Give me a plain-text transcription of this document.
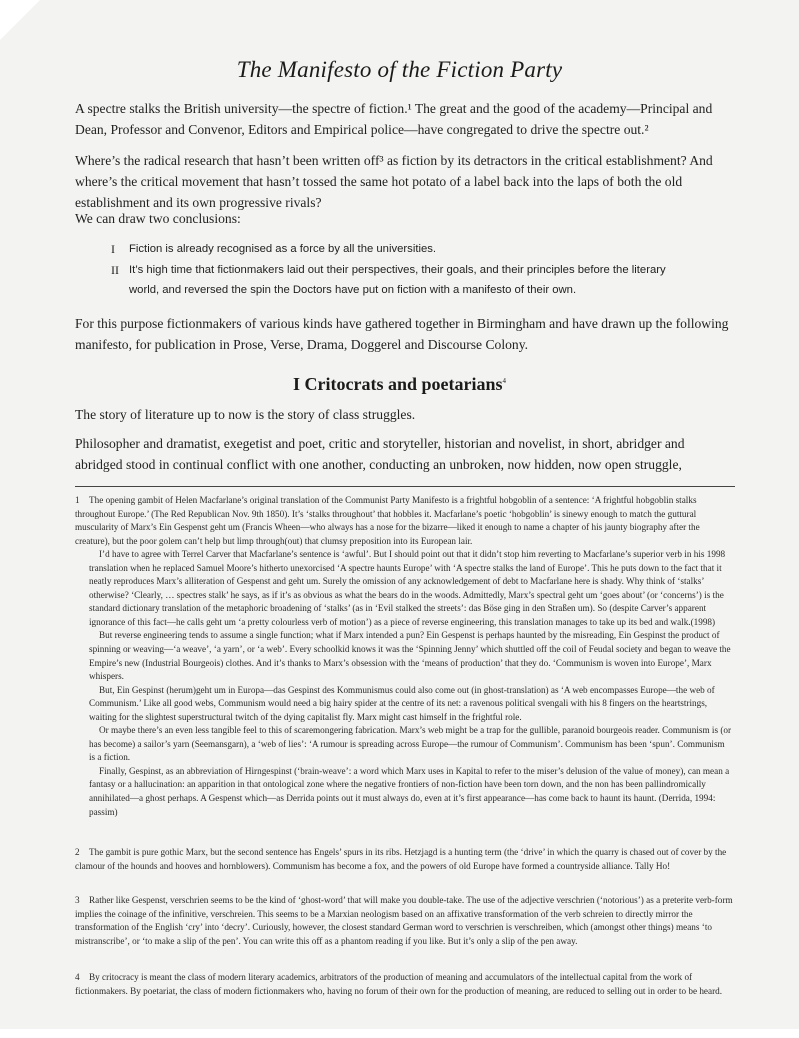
The Manifesto of the Fiction Party

A spectre stalks the British university—the spectre of fiction.¹ The great and the good of the academy—Principal and Dean, Professor and Convenor, Editors and Empirical police—have congregated to drive the spectre out.²

Where’s the radical research that hasn’t been written off³ as fiction by its detractors in the critical establishment? And where’s the critical movement that hasn’t tossed the same hot potato of a label back into the laps of both the old establishment and its own progressive rivals?

We can draw two conclusions:

I	Fiction is already recognised as a force by all the universities.
II It’s high time that fictionmakers laid out their perspectives, their goals, and their principles before the literary world, and reversed the spin the Doctors have put on fiction with a manifesto of their own.

For this purpose fictionmakers of various kinds have gathered together in Birmingham and have drawn up the following manifesto, for publication in Prose, Verse, Drama, Doggerel and Discourse Colony.

I Critocrats and poetarians$^4$

The story of literature up to now is the story of class struggles.

Philosopher and dramatist, exegetist and poet, critic and storyteller, historian and novelist, in short, abridger and abridged stood in continual conflict with one another, conducting an unbroken, now hidden, now open struggle,

1 The opening gambit of Helen Macfarlane’s original translation of the Communist Party Manifesto is a frightful hobgoblin of a sentence: ‘A frightful hobgoblin stalks throughout Europe.’ (The Red Republican Nov. 9th 1850). It’s ‘stalks throughout’ that hobbles it. Macfarlane’s poetic ‘hobgoblin’ is sinewy enough to match the guttural muscularity of Marx’s Ein Gespenst geht um (Francis Wheen—who always has a nose for the bizarre—liked it enough to name a chapter of his jaunty biography after the creature), but the poor golem can’t help but limp through(out) that clumsy preposition into its European lair.
I’d have to agree with Terrel Carver that Macfarlane’s sentence is ‘awful’. But I should point out that it didn’t stop him reverting to Macfarlane’s superior verb in his 1998 translation when he replaced Samuel Moore’s hitherto unexorcised ‘A spectre haunts Europe’ with ‘A spectre stalks the land of Europe’. This he puts down to the fact that it neatly reproduces Marx’s alliteration of Gespenst and geht um. Surely the omission of any acknowledgement of debt to Macfarlane here is shady. Why think of ‘stalks’ otherwise? ‘Clearly, … spectres stalk’ he says, as if it’s as obvious as what the bears do in the woods. Admittedly, Marx’s spectral geht um ‘goes about’ (or ‘concerns’) is the standard dictionary translation of the metaphoric broadening of ‘stalks’ (as in ‘Evil stalked the streets’: das Böse ging in den Straßen um). So (despite Carver’s apparent ignorance of this fact—he calls geht um ‘a pretty colourless verb of motion’) as a piece of reverse engineering, this translation manages to take up its bed and walk.(1998)
But reverse engineering tends to assume a single function; what if Marx intended a pun? Ein Gespenst is perhaps haunted by the misreading, Ein Gespinst the product of spinning or weaving—‘a weave’, ‘a yarn’, or ‘a web’. Every schoolkid knows it was the ‘Spinning Jenny’ which shuttled off the coil of Feudal society and began to weave the Empire’s new (Industrial Bourgeois) clothes. And it’s thanks to Marx’s obsession with the ‘means of production’ that they do. ‘Communism is woven into Europe’, Marx whispers.
But, Ein Gespinst (herum)geht um in Europa—das Gespinst des Kommunismus could also come out (in ghost-translation) as ‘A web encompasses Europe—the web of Communism.’ Like all good webs, Communism would need a big hairy spider at the centre of its net: a ravenous political svengali with his 8 fingers on the heartstrings, waiting for the slightest superstructural twitch of the dying capitalist fly. Marx might cast himself in the frightful role.
Or maybe there’s an even less tangible feel to this of scaremongering fabrication. Marx’s web might be a trap for the gullible, paranoid bourgeois reader. Communism is (or has become) a sailor’s yarn (Seemansgarn), a ‘web of lies’: ‘A rumour is spreading across Europe—the rumour of Communism’. Communism has been ‘spun’. Communism is a fiction.
Finally, Gespinst, as an abbreviation of Hirngespinst (‘brain-weave’: a word which Marx uses in Kapital to refer to the miser’s delusion of the value of money), can mean a fantasy or a hallucination: an apparition in that ontological zone where the negative frontiers of non-fiction have been torn down, and the non has been pallindromically annihilated—a ghost perhaps. A Gespenst which—as Derrida points out it must always do, even at it’s first appearance—has come back to haunt its haunt. (Derrida, 1994: passim)
2 The gambit is pure gothic Marx, but the second sentence has Engels’ spurs in its ribs. Hetzjagd is a hunting term (the ‘drive’ in which the quarry is chased out of cover by the clamour of the hounds and hooves and hornblowers). Communism has become a fox, and the powers of old Europe have formed a countryside alliance. Tally Ho!
3 Rather like Gespenst, verschrien seems to be the kind of ‘ghost-word’ that will make you double-take. The use of the adjective verschrien (‘notorious’) as a preterite verb-form implies the coinage of the infinitive, verschreien. This seems to be a Marxian neologism based on an affixative transformation of the verb schreien to directly mirror the transformation of the English ‘cry’ into ‘decry’. Curiously, however, the closest standard German word to verschrien is verschreiben, which (amongst other things) means ‘to mistranscribe’, or ‘to make a slip of the pen’. You can write this off as a phantom reading if you like. But it’s only a slip of the pen away.
4 By critocracy is meant the class of modern literary academics, arbitrators of the production of meaning and accumulators of the intellectual capital from the work of fictionmakers. By poetariat, the class of modern fictionmakers who, having no forum of their own for the production of meaning, are reduced to selling out in order to be heard.
